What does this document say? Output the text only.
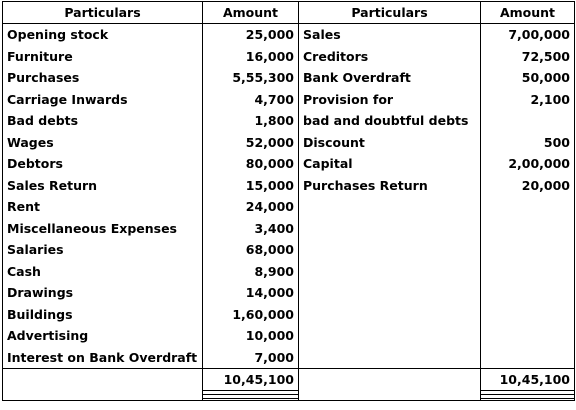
Particulars	Amount	Particulars	Amount
Opening stock	25,000	Sales	7,00,000
Furniture	16,000	Creditors	72,500
Purchases	5,55,300	Bank Overdraft	50,000
Carriage Inwards	4,700	Provision for	2,100
Bad debts	1,800	bad and doubtful debts	
Wages	52,000	Discount	500
Debtors	80,000	Capital	2,00,000
Sales Return	15,000	Purchases Return	20,000
Rent	24,000		
Miscellaneous Expenses	3,400		
Salaries	68,000		
Cash	8,900		
Drawings	14,000		
Buildings	1,60,000		
Advertising	10,000		
Interest on Bank Overdraft	7,000		
	10,45,100		10,45,100
